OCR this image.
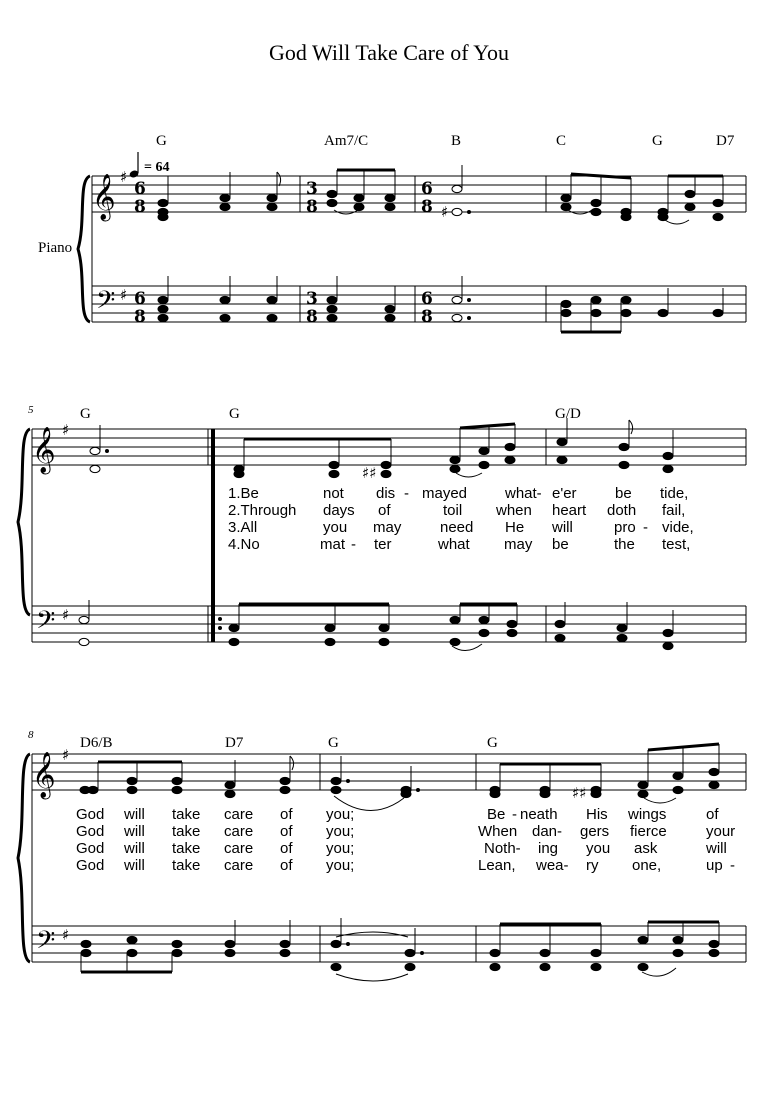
God Will Take Care of You
G	Am7/C	B	C	G	D7
= 64
Piano
𝄞
𝄢
♯
♯
6
8
6
8
3
8
3
8
6
8
6
8
♯
5	G	G	G/D
𝄞
𝄢
♯
♯
♯♯
1.Be	not dis - mayed	what- e'er	be tide,
2.Through days of	toil when heart doth fail,
3.All	you may	need He will	pro - vide,
4.No	mat - ter	what may be	the test,
8	D6/B	D7	G	G
𝄞
𝄢
♯
♯
♯♯
God will take care of you;	Be - neath His wings	of
God will take care of you;	When dan- gers fierce	your
God will take care of you;	Noth- ing you ask	will
God will take care of you;	Lean, wea- ry one,	up -
